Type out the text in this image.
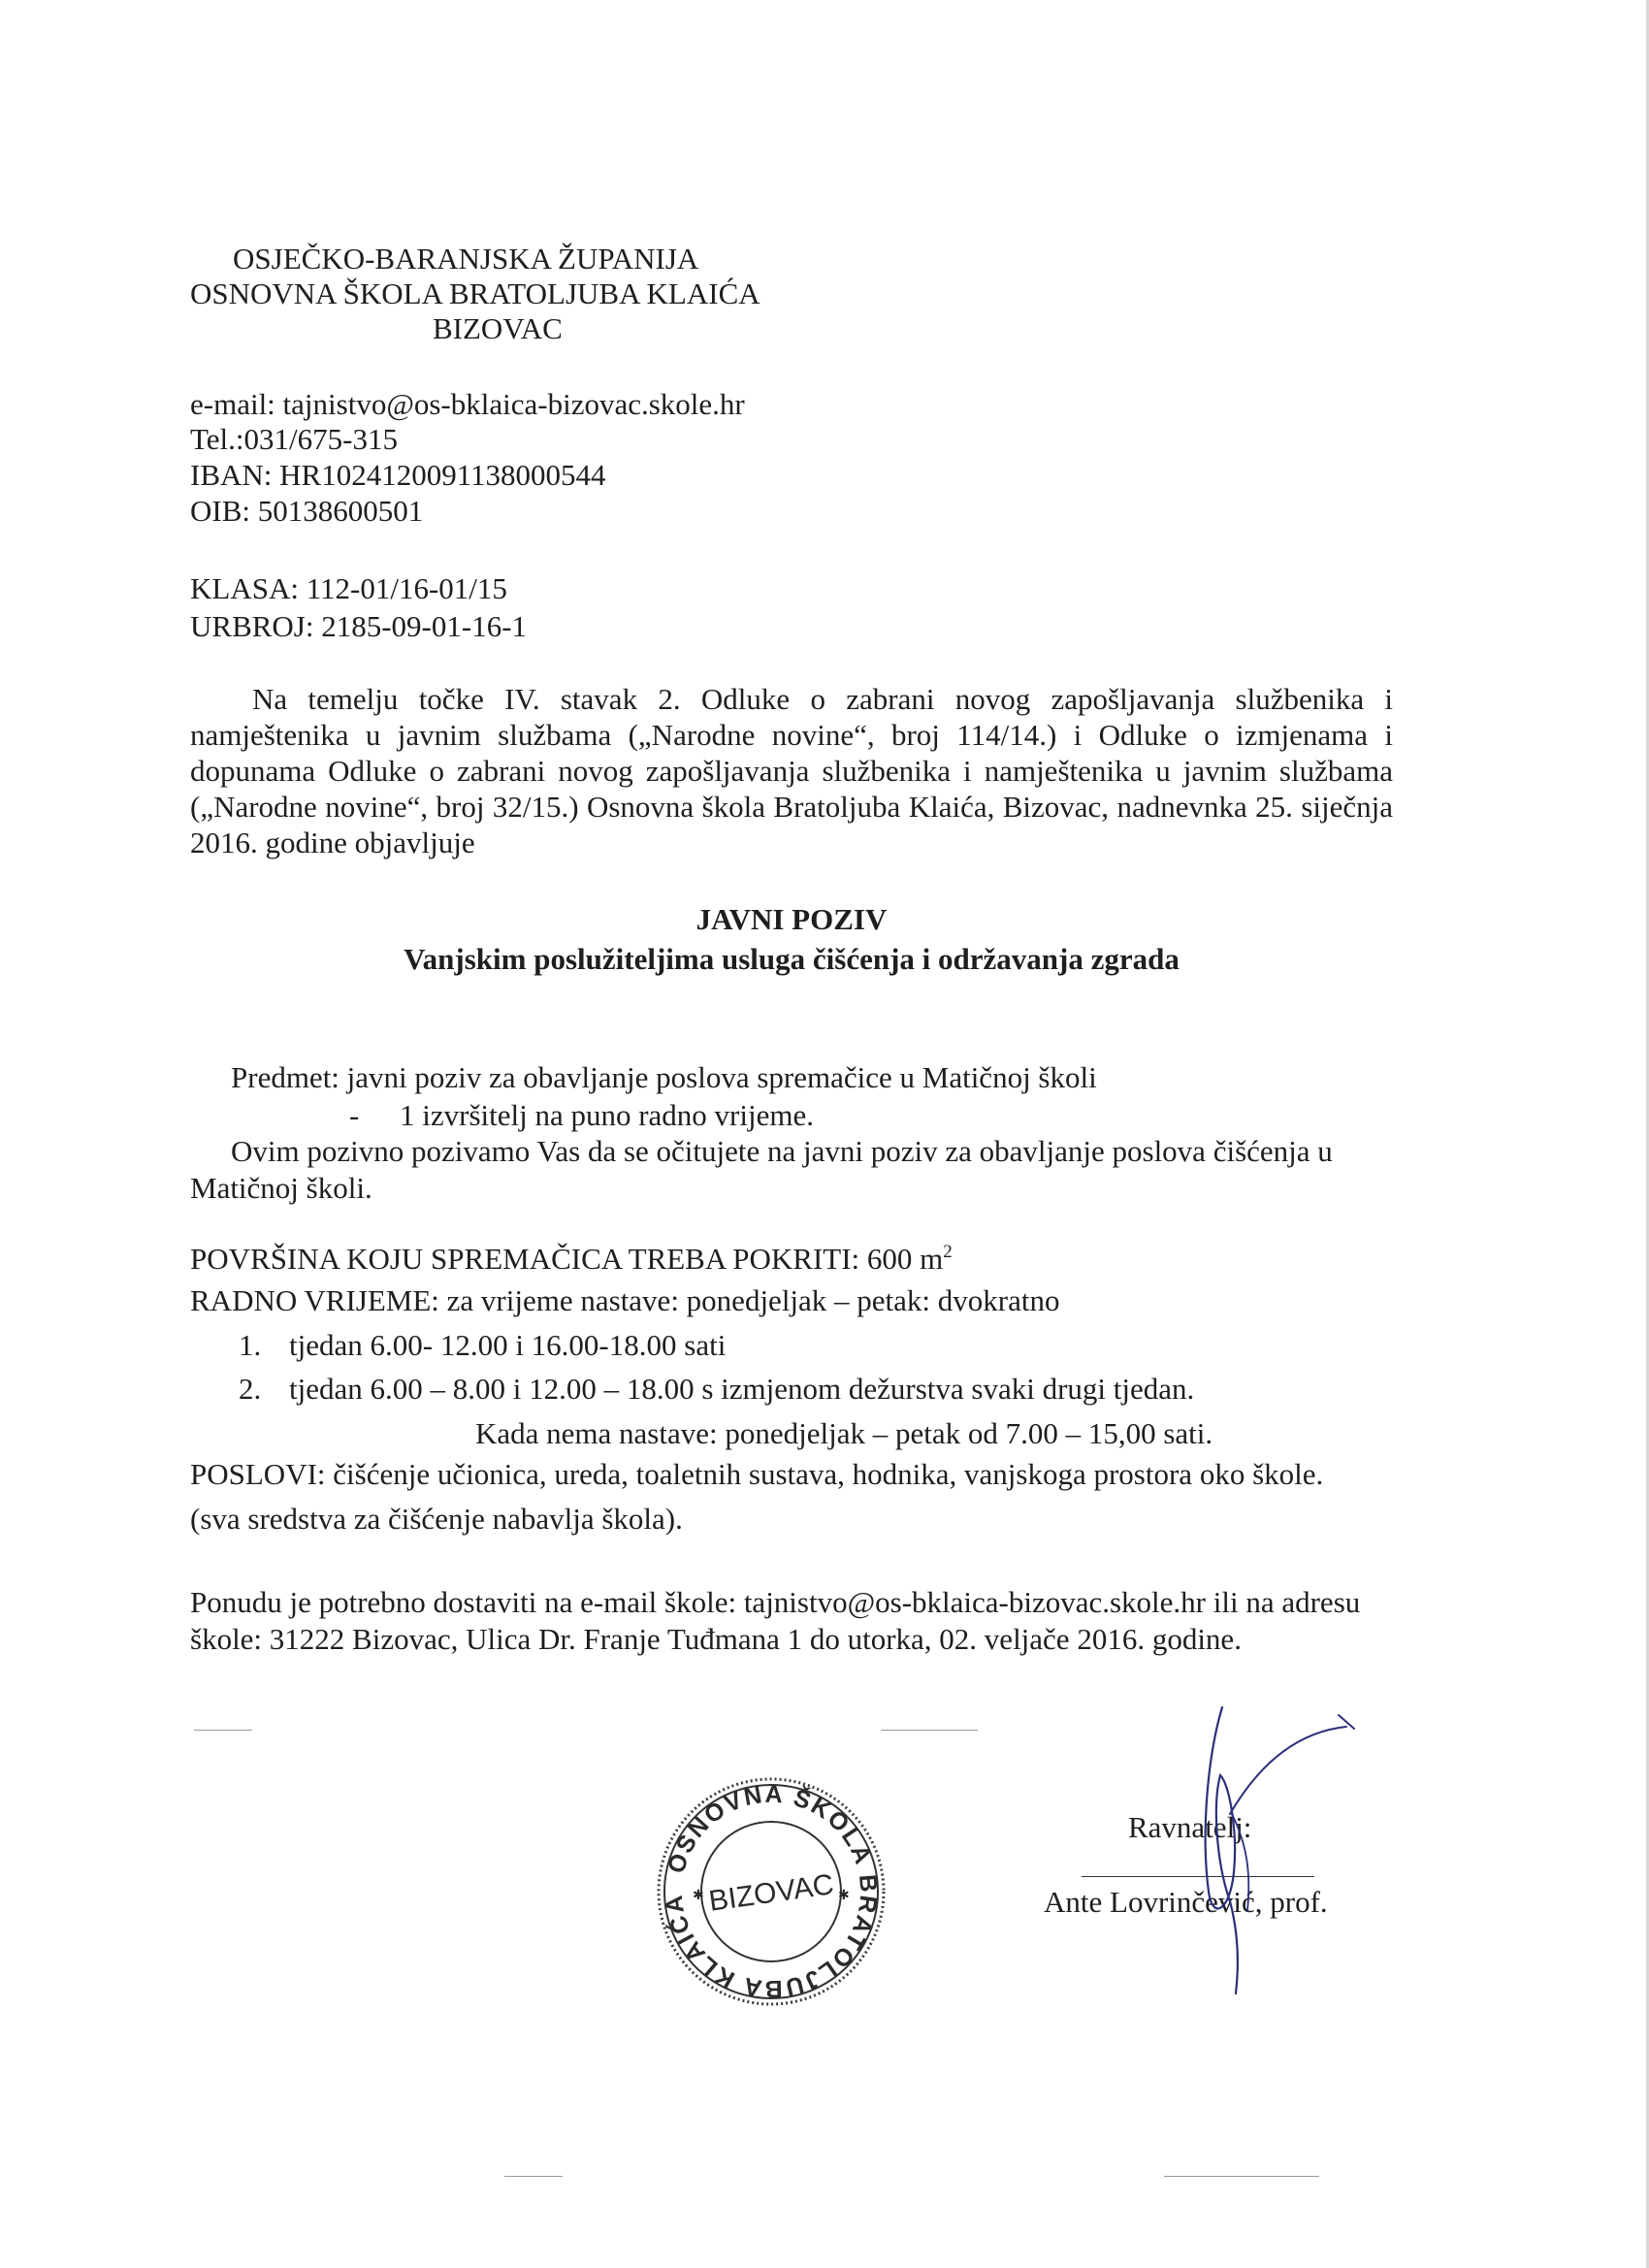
OSJEČKO-BARANJSKA ŽUPANIJA
OSNOVNA ŠKOLA BRATOLJUBA KLAIĆA
BIZOVAC
e-mail: tajnistvo@os-bklaica-bizovac.skole.hr
Tel.:031/675-315
IBAN: HR1024120091138000544
OIB: 50138600501
KLASA: 112-01/16-01/15
URBROJ: 2185-09-01-16-1
Na temelju točke IV. stavak 2. Odluke o zabrani novog zapošljavanja službenika i namještenika u javnim službama („Narodne novine“, broj 114/14.) i Odluke o izmjenama i dopunama Odluke o zabrani novog zapošljavanja službenika i namještenika u javnim službama („Narodne novine“, broj 32/15.) Osnovna škola Bratoljuba Klaića, Bizovac, nadnevnka 25. siječnja 2016. godine objavljuje
JAVNI POZIV
Vanjskim poslužiteljima usluga čišćenja i održavanja zgrada
Predmet: javni poziv za obavljanje poslova spremačice u Matičnoj školi
- 1 izvršitelj na puno radno vrijeme.
Ovim pozivno pozivamo Vas da se očitujete na javni poziv za obavljanje poslova čišćenja u Matičnoj školi.
POVRŠINA KOJU SPREMAČICA TREBA POKRITI: 600 $m^2$
RADNO VRIJEME: za vrijeme nastave: ponedjeljak – petak: dvokratno
1. tjedan 6.00- 12.00 i 16.00-18.00 sati
2. tjedan 6.00 – 8.00 i 12.00 – 18.00 s izmjenom dežurstva svaki drugi tjedan.
Kada nema nastave: ponedjeljak – petak od 7.00 – 15,00 sati.
POSLOVI: čišćenje učionica, ureda, toaletnih sustava, hodnika, vanjskoga prostora oko škole.
(sva sredstva za čišćenje nabavlja škola).
Ponudu je potrebno dostaviti na e-mail škole: tajnistvo@os-bklaica-bizovac.skole.hr ili na adresu škole: 31222 Bizovac, Ulica Dr. Franje Tuđmana 1 do utorka, 02. veljače 2016. godine.
OSNOVNA ŠKOLA BRATOLJUBA KLAIĆA BIZOVAC
✱	✱
Ravnatelj:
Ante Lovrinčević, prof.
